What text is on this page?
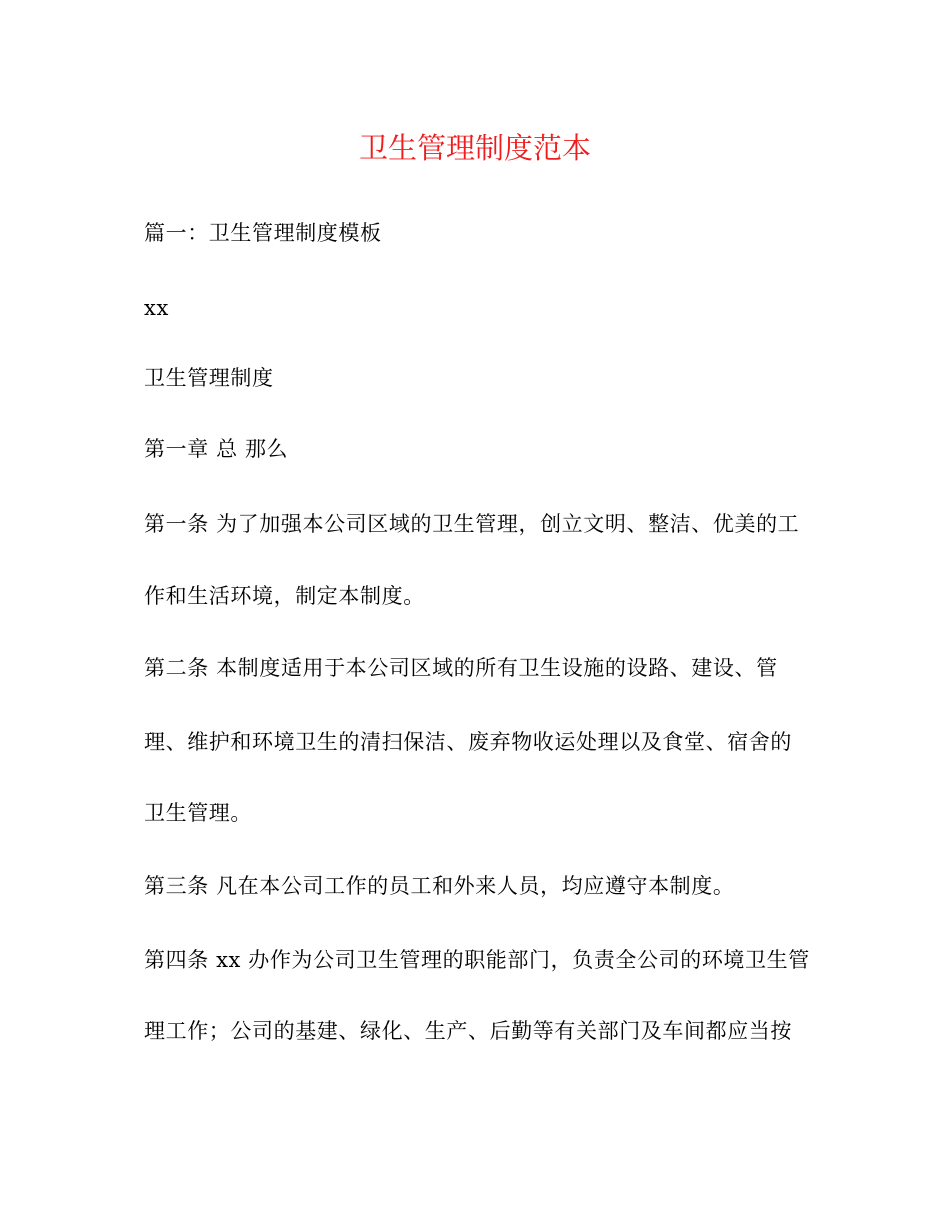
卫生管理制度范本
篇一：卫生管理制度模板
xx
卫生管理制度
第一章 总 那么
第一条 为了加强本公司区域的卫生管理，创立文明、整洁、优美的工
作和生活环境，制定本制度。
第二条 本制度适用于本公司区域的所有卫生设施的设路、建设、管
理、维护和环境卫生的清扫保洁、废弃物收运处理以及食堂、宿舍的
卫生管理。
第三条 凡在本公司工作的员工和外来人员，均应遵守本制度。
第四条 xx 办作为公司卫生管理的职能部门，负责全公司的环境卫生管
理工作；公司的基建、绿化、生产、后勤等有关部门及车间都应当按
